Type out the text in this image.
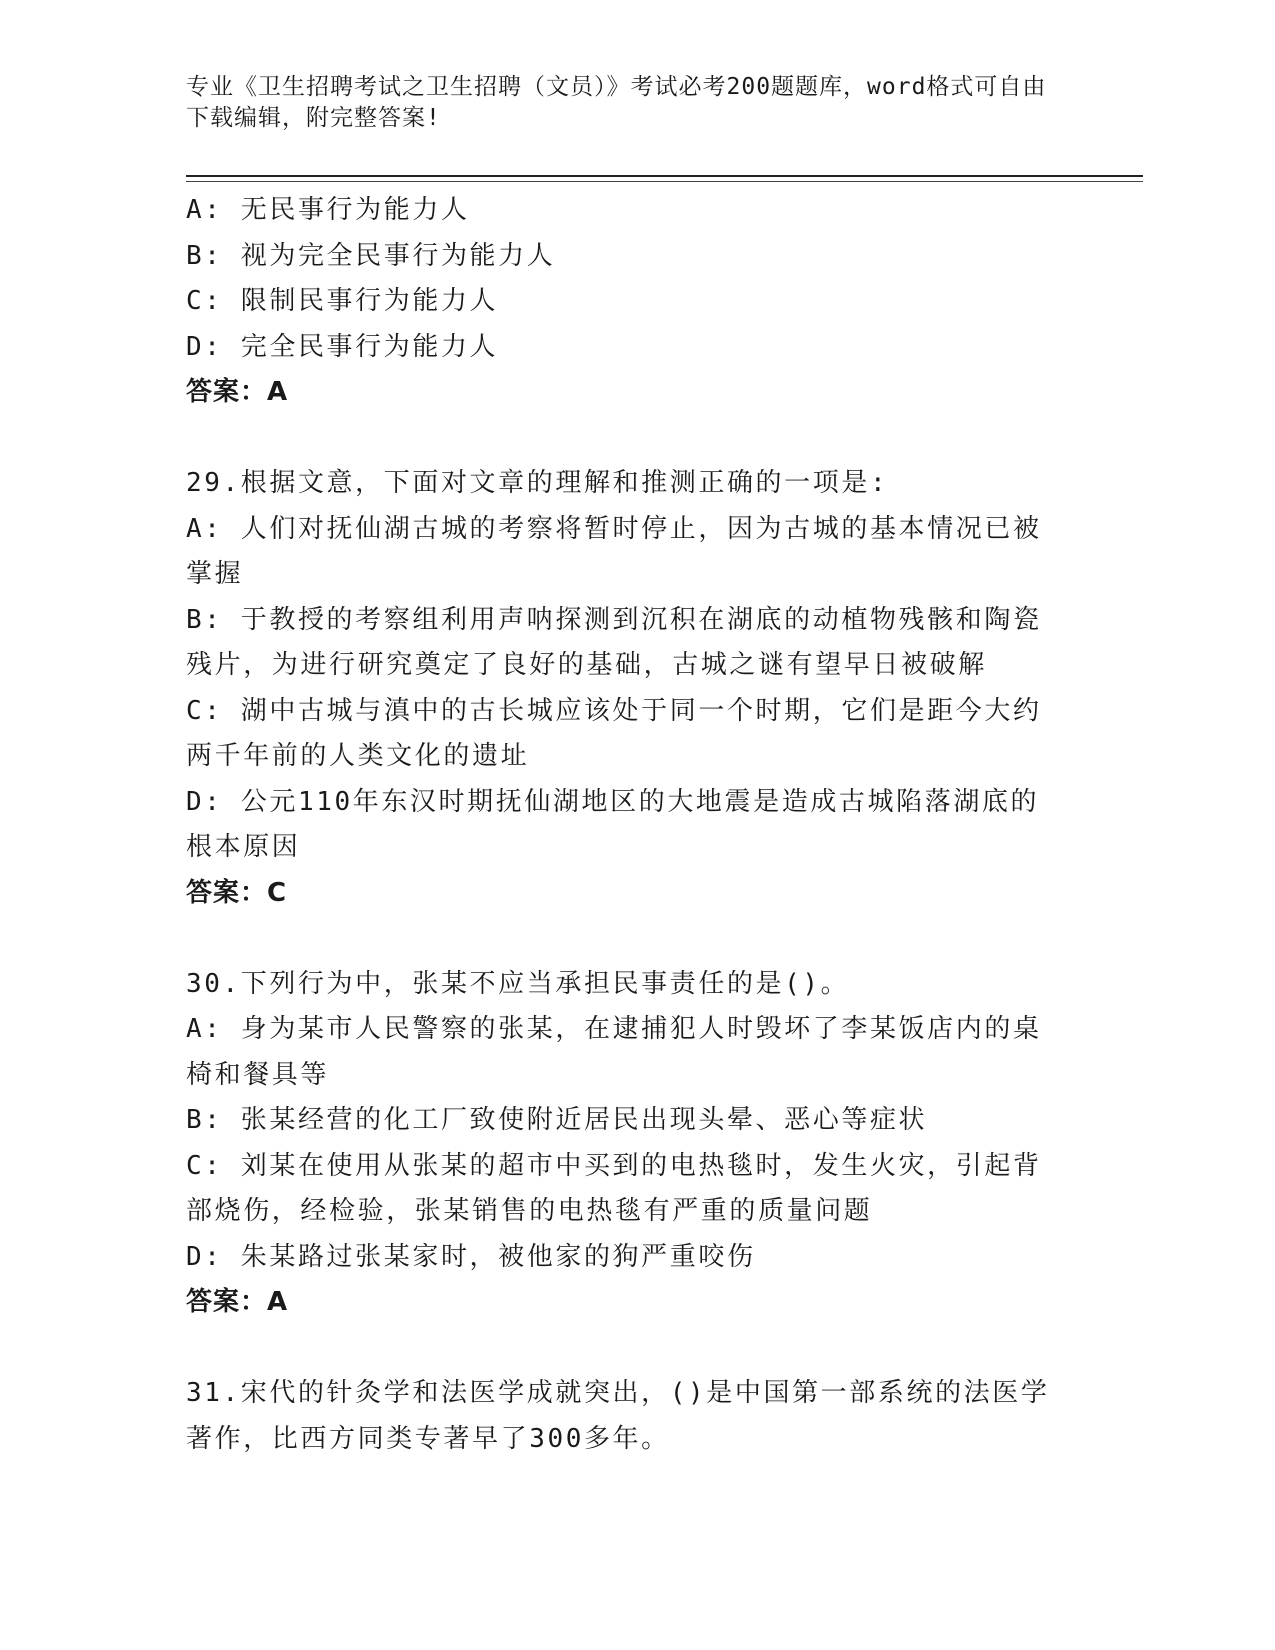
专业《卫生招聘考试之卫生招聘（文员）》考试必考200题题库，word格式可自由下载编辑，附完整答案!

A: 无民事行为能力人

B: 视为完全民事行为能力人

C: 限制民事行为能力人

D: 完全民事行为能力人

答案：A

29.根据文意，下面对文章的理解和推测正确的一项是:

A: 人们对抚仙湖古城的考察将暂时停止，因为古城的基本情况已被掌握

B: 于教授的考察组利用声呐探测到沉积在湖底的动植物残骸和陶瓷残片，为进行研究奠定了良好的基础，古城之谜有望早日被破解

C: 湖中古城与滇中的古长城应该处于同一个时期，它们是距今大约两千年前的人类文化的遗址

D: 公元110年东汉时期抚仙湖地区的大地震是造成古城陷落湖底的根本原因

答案：C

30.下列行为中，张某不应当承担民事责任的是()。

A: 身为某市人民警察的张某，在逮捕犯人时毁坏了李某饭店内的桌椅和餐具等

B: 张某经营的化工厂致使附近居民出现头晕、恶心等症状

C: 刘某在使用从张某的超市中买到的电热毯时，发生火灾，引起背部烧伤，经检验，张某销售的电热毯有严重的质量问题

D: 朱某路过张某家时，被他家的狗严重咬伤

答案：A

31.宋代的针灸学和法医学成就突出，()是中国第一部系统的法医学著作，比西方同类专著早了300多年。
